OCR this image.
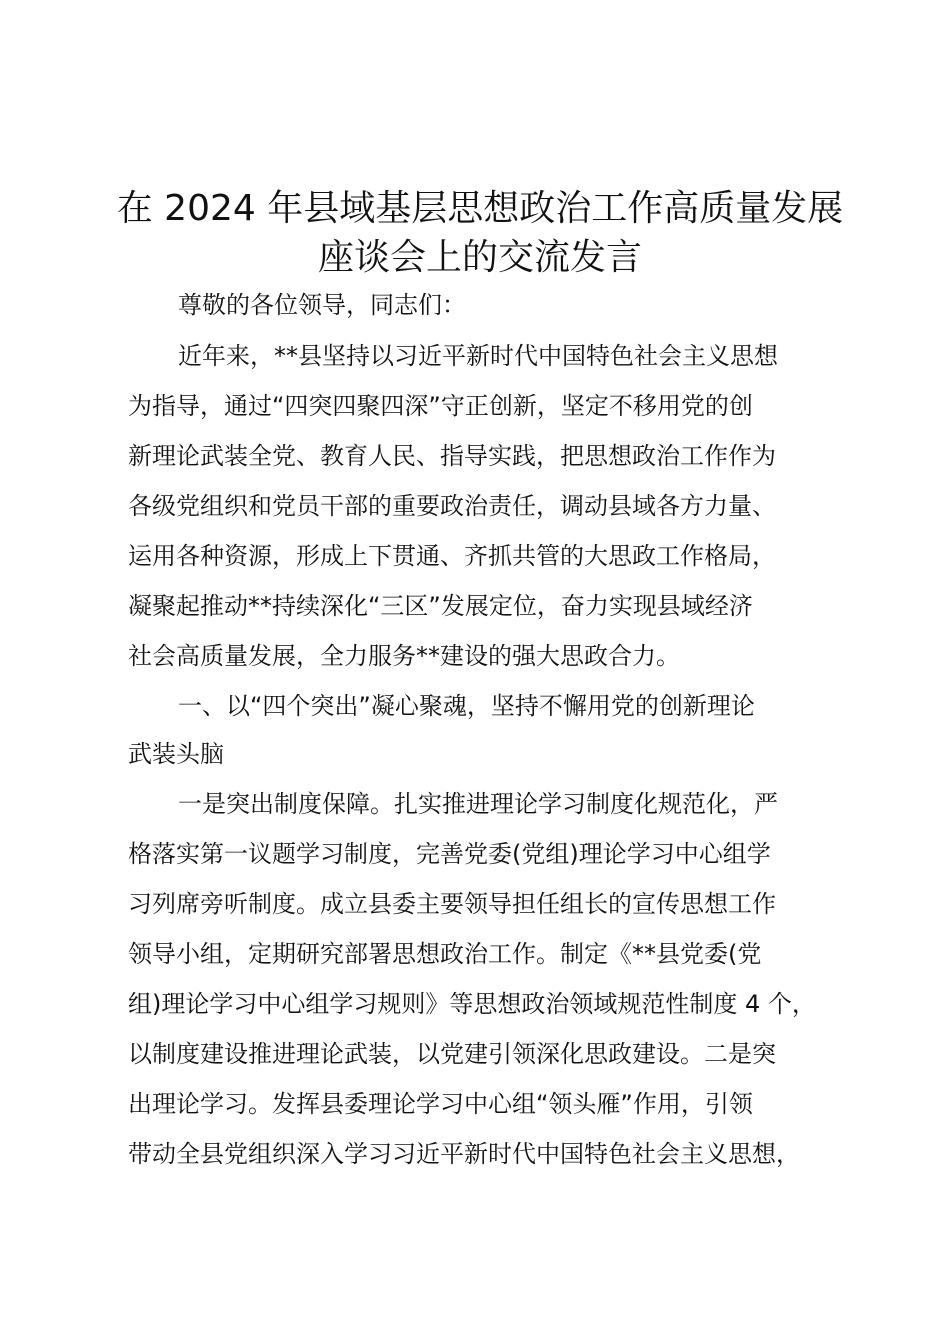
在 2024 年县域基层思想政治工作高质量发展
座谈会上的交流发言

尊敬的各位领导，同志们：

近年来，**县坚持以习近平新时代中国特色社会主义思想

为指导，通过“四突四聚四深”守正创新，坚定不移用党的创

新理论武装全党、教育人民、指导实践，把思想政治工作作为

各级党组织和党员干部的重要政治责任，调动县域各方力量、

运用各种资源，形成上下贯通、齐抓共管的大思政工作格局，

凝聚起推动**持续深化“三区”发展定位，奋力实现县域经济

社会高质量发展，全力服务**建设的强大思政合力。

一、以“四个突出”凝心聚魂，坚持不懈用党的创新理论

武装头脑

一是突出制度保障。扎实推进理论学习制度化规范化，严

格落实第一议题学习制度，完善党委(党组)理论学习中心组学

习列席旁听制度。成立县委主要领导担任组长的宣传思想工作

领导小组，定期研究部署思想政治工作。制定《**县党委(党

组)理论学习中心组学习规则》等思想政治领域规范性制度 4 个，

以制度建设推进理论武装，以党建引领深化思政建设。二是突

出理论学习。发挥县委理论学习中心组“领头雁”作用，引领

带动全县党组织深入学习习近平新时代中国特色社会主义思想，
